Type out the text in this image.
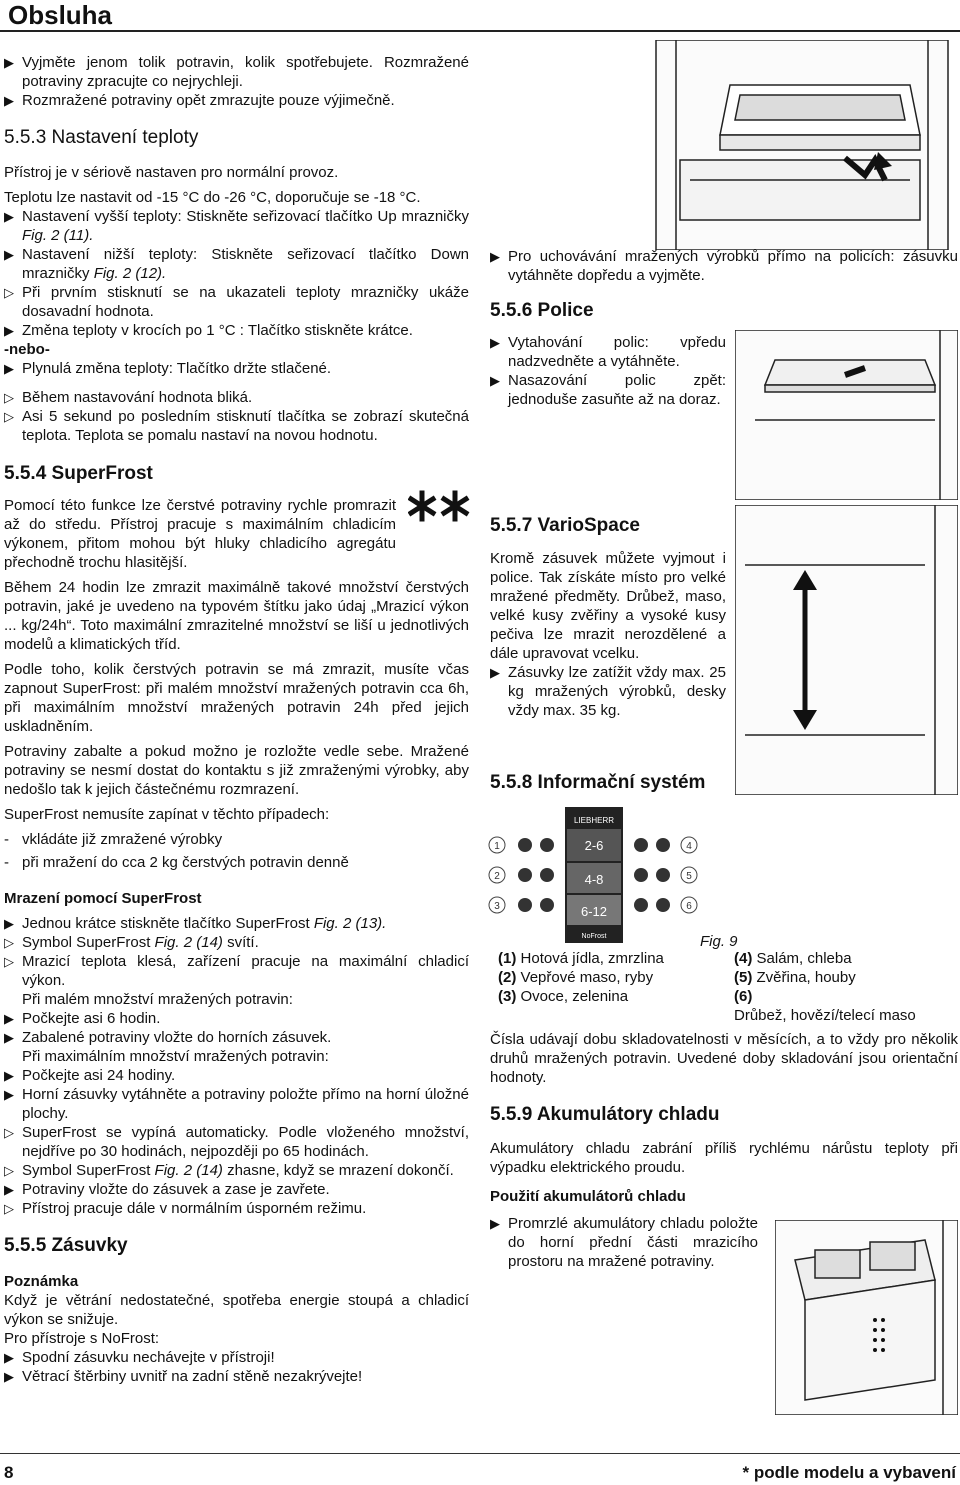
Obsluha

▶ Vyjměte jenom tolik potravin, kolik spotřebujete. Rozmražené potraviny zpracujte co nejrychleji.

▶ Rozmražené potraviny opět zmrazujte pouze výjimečně.

5.5.3 Nastavení teploty

Přístroj je v sériově nastaven pro normální provoz.

Teplotu lze nastavit od -15 °C do -26 °C, doporučuje se -18 °C.

▶ Nastavení vyšší teploty: Stiskněte seřizovací tlačítko Up mrazničky Fig. 2 (11).

▶ Nastavení nižší teploty: Stiskněte seřizovací tlačítko Down mrazničky Fig. 2 (12).

▷ Při prvním stisknutí se na ukazateli teploty mrazničky ukáže dosavadní hodnota.

▶ Změna teploty v krocích po 1 °C : Tlačítko stiskněte krátce.

-nebo-

▶ Plynulá změna teploty: Tlačítko držte stlačené.

▷ Během nastavování hodnota bliká.

▷ Asi 5 sekund po posledním stisknutí tlačítka se zobrazí skutečná teplota. Teplota se pomalu nastaví na novou hodnotu.

5.5.4 SuperFrost

Pomocí této funkce lze čerstvé potraviny rychle promrazit až do středu. Přístroj pracuje s maximálním chladicím výkonem, přitom mohou být hluky chladicího agregátu přechodně trochu hlasitější.

Během 24 hodin lze zmrazit maximálně takové množství čerstvých potravin, jaké je uvedeno na typovém štítku jako údaj „Mrazicí výkon ... kg/24h“. Toto maximální zmrazitelné množství se liší u jednotlivých modelů a klimatických tříd.

Podle toho, kolik čerstvých potravin se má zmrazit, musíte včas zapnout SuperFrost: při malém množství mražených potravin cca 6h, při maximálním množství mražených potravin 24h před jejich uskladněním.

Potraviny zabalte a pokud možno je rozložte vedle sebe. Mražené potraviny se nesmí dostat do kontaktu s již zmraženými výrobky, aby nedošlo tak k jejich částečnému rozmrazení.

SuperFrost nemusíte zapínat v těchto případech:

- vkládáte již zmražené výrobky

- při mražení do cca 2 kg čerstvých potravin denně

Mrazení pomocí SuperFrost

▶ Jednou krátce stiskněte tlačítko SuperFrost Fig. 2 (13).

▷ Symbol SuperFrost Fig. 2 (14) svítí.

▷ Mrazicí teplota klesá, zařízení pracuje na maximální chladicí výkon.

Při malém množství mražených potravin:

▶ Počkejte asi 6 hodin.

▶ Zabalené potraviny vložte do horních zásuvek.

Při maximálním množství mražených potravin:

▶ Počkejte asi 24 hodiny.

▶ Horní zásuvky vytáhněte a potraviny položte přímo na horní úložné plochy.

▷ SuperFrost se vypíná automaticky. Podle vloženého množství, nejdříve po 30 hodinách, nejpozději po 65 hodinách.

▷ Symbol SuperFrost Fig. 2 (14) zhasne, když se mrazení dokončí.

▶ Potraviny vložte do zásuvek a zase je zavřete.

▷ Přístroj pracuje dále v normálním úsporném režimu.

5.5.5 Zásuvky

Poznámka

Když je větrání nedostatečné, spotřeba energie stoupá a chladicí výkon se snižuje.

Pro přístroje s NoFrost:

▶ Spodní zásuvku nechávejte v přístroji!

▶ Větrací štěrbiny uvnitř na zadní stěně nezakrývejte!

▶ Pro uchovávání mražených výrobků přímo na policích: zásuvku vytáhněte dopředu a vyjměte.

5.5.6 Police

▶ Vytahování polic: vpředu nadzvedněte a vytáhněte.

▶ Nasazování polic zpět: jednoduše zasuňte až na doraz.

5.5.7 VarioSpace

Kromě zásuvek můžete vyjmout i police. Tak získáte místo pro velké mražené předměty. Drůbež, maso, velké kusy zvěřiny a vysoké kusy pečiva lze mrazit nerozdělené a dále upravovat vcelku.

▶ Zásuvky lze zatížit vždy max. 25 kg mražených výrobků, desky vždy max. 35 kg.

5.5.8 Informační systém

LIEBHERR
2-6
4-8
6-12
NoFrost
1
2
3
4
5
6

Fig. 9

(1) Hotová jídla, zmrzlina	(4) Salám, chleba
(2) Vepřové maso, ryby	(5) Zvěřina, houby
(3) Ovoce, zelenina	(6) Drůbež, hovězí/telecí maso

Čísla udávají dobu skladovatelnosti v měsících, a to vždy pro několik druhů mražených potravin. Uvedené doby skladování jsou orientační hodnoty.

5.5.9 Akumulátory chladu

Akumulátory chladu zabrání příliš rychlému nárůstu teploty při výpadku elektrického proudu.

Použití akumulátorů chladu

▶ Promrzlé akumulátory chladu položte do horní přední části mrazicího prostoru na mražené potraviny.

8	* podle modelu a vybavení
